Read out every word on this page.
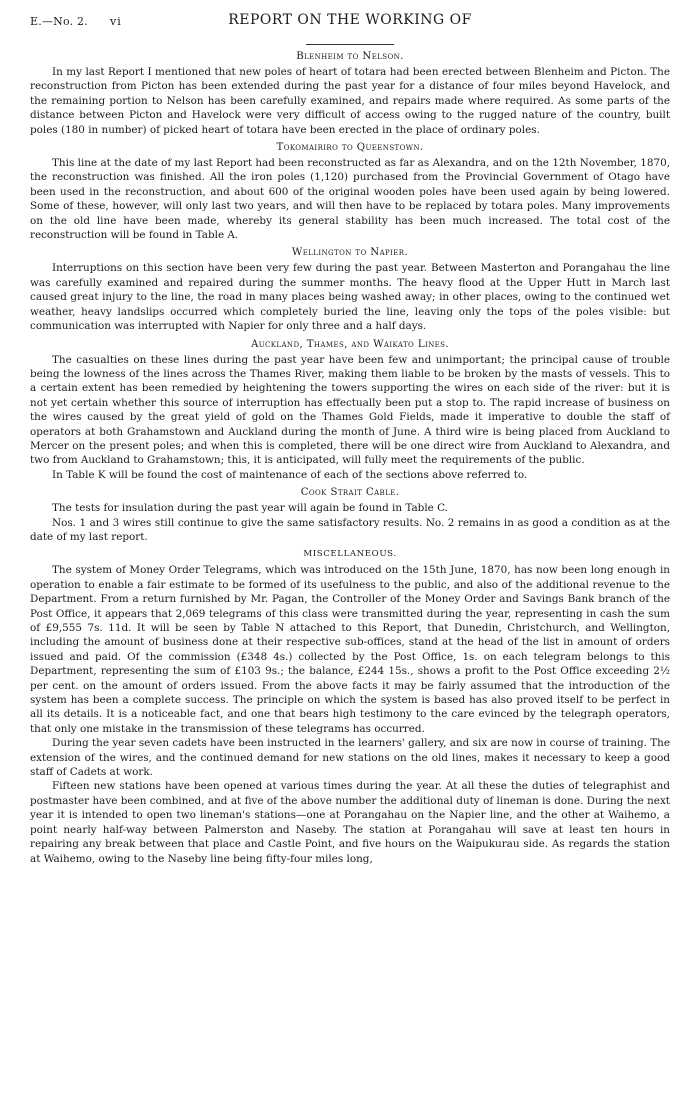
E.—No. 2. vi	REPORT ON THE WORKING OF
Blenheim to Nelson.

In my last Report I mentioned that new poles of heart of totara had been erected between Blenheim and Picton. The reconstruction from Picton has been extended during the past year for a distance of four miles beyond Havelock, and the remaining portion to Nelson has been carefully examined, and repairs made where required. As some parts of the distance between Picton and Havelock were very difficult of access owing to the rugged nature of the country, built poles (180 in number) of picked heart of totara have been erected in the place of ordinary poles.

Tokomairiro to Queenstown.

This line at the date of my last Report had been reconstructed as far as Alexandra, and on the 12th November, 1870, the reconstruction was finished. All the iron poles (1,120) purchased from the Provincial Government of Otago have been used in the reconstruction, and about 600 of the original wooden poles have been used again by being lowered. Some of these, however, will only last two years, and will then have to be replaced by totara poles. Many improvements on the old line have been made, whereby its general stability has been much increased. The total cost of the reconstruction will be found in Table A.

Wellington to Napier.

Interruptions on this section have been very few during the past year. Between Masterton and Porangahau the line was carefully examined and repaired during the summer months. The heavy flood at the Upper Hutt in March last caused great injury to the line, the road in many places being washed away; in other places, owing to the continued wet weather, heavy landslips occurred which completely buried the line, leaving only the tops of the poles visible: but communication was interrupted with Napier for only three and a half days.

Auckland, Thames, and Waikato Lines.

The casualties on these lines during the past year have been few and unimportant; the principal cause of trouble being the lowness of the lines across the Thames River, making them liable to be broken by the masts of vessels. This to a certain extent has been remedied by heightening the towers supporting the wires on each side of the river: but it is not yet certain whether this source of interruption has effectually been put a stop to. The rapid increase of business on the wires caused by the great yield of gold on the Thames Gold Fields, made it imperative to double the staff of operators at both Grahamstown and Auckland during the month of June. A third wire is being placed from Auckland to Mercer on the present poles; and when this is completed, there will be one direct wire from Auckland to Alexandra, and two from Auckland to Grahamstown; this, it is anticipated, will fully meet the requirements of the public.

In Table K will be found the cost of maintenance of each of the sections above referred to.

Cook Strait Cable.

The tests for insulation during the past year will again be found in Table C.

Nos. 1 and 3 wires still continue to give the same satisfactory results. No. 2 remains in as good a condition as at the date of my last report.

MISCELLANEOUS.

The system of Money Order Telegrams, which was introduced on the 15th June, 1870, has now been long enough in operation to enable a fair estimate to be formed of its usefulness to the public, and also of the additional revenue to the Department. From a return furnished by Mr. Pagan, the Controller of the Money Order and Savings Bank branch of the Post Office, it appears that 2,069 telegrams of this class were transmitted during the year, representing in cash the sum of £9,555 7s. 11d. It will be seen by Table N attached to this Report, that Dunedin, Christchurch, and Wellington, including the amount of business done at their respective sub-offices, stand at the head of the list in amount of orders issued and paid. Of the commission (£348 4s.) collected by the Post Office, 1s. on each telegram belongs to this Department, representing the sum of £103 9s.; the balance, £244 15s., shows a profit to the Post Office exceeding 2½ per cent. on the amount of orders issued. From the above facts it may be fairly assumed that the introduction of the system has been a complete success. The principle on which the system is based has also proved itself to be perfect in all its details. It is a noticeable fact, and one that bears high testimony to the care evinced by the telegraph operators, that only one mistake in the transmission of these telegrams has occurred.

During the year seven cadets have been instructed in the learners' gallery, and six are now in course of training. The extension of the wires, and the continued demand for new stations on the old lines, makes it necessary to keep a good staff of Cadets at work.

Fifteen new stations have been opened at various times during the year. At all these the duties of telegraphist and postmaster have been combined, and at five of the above number the additional duty of lineman is done. During the next year it is intended to open two lineman's stations—one at Porangahau on the Napier line, and the other at Waihemo, a point nearly half-way between Palmerston and Naseby. The station at Porangahau will save at least ten hours in repairing any break between that place and Castle Point, and five hours on the Waipukurau side. As regards the station at Waihemo, owing to the Naseby line being fifty-four miles long,
